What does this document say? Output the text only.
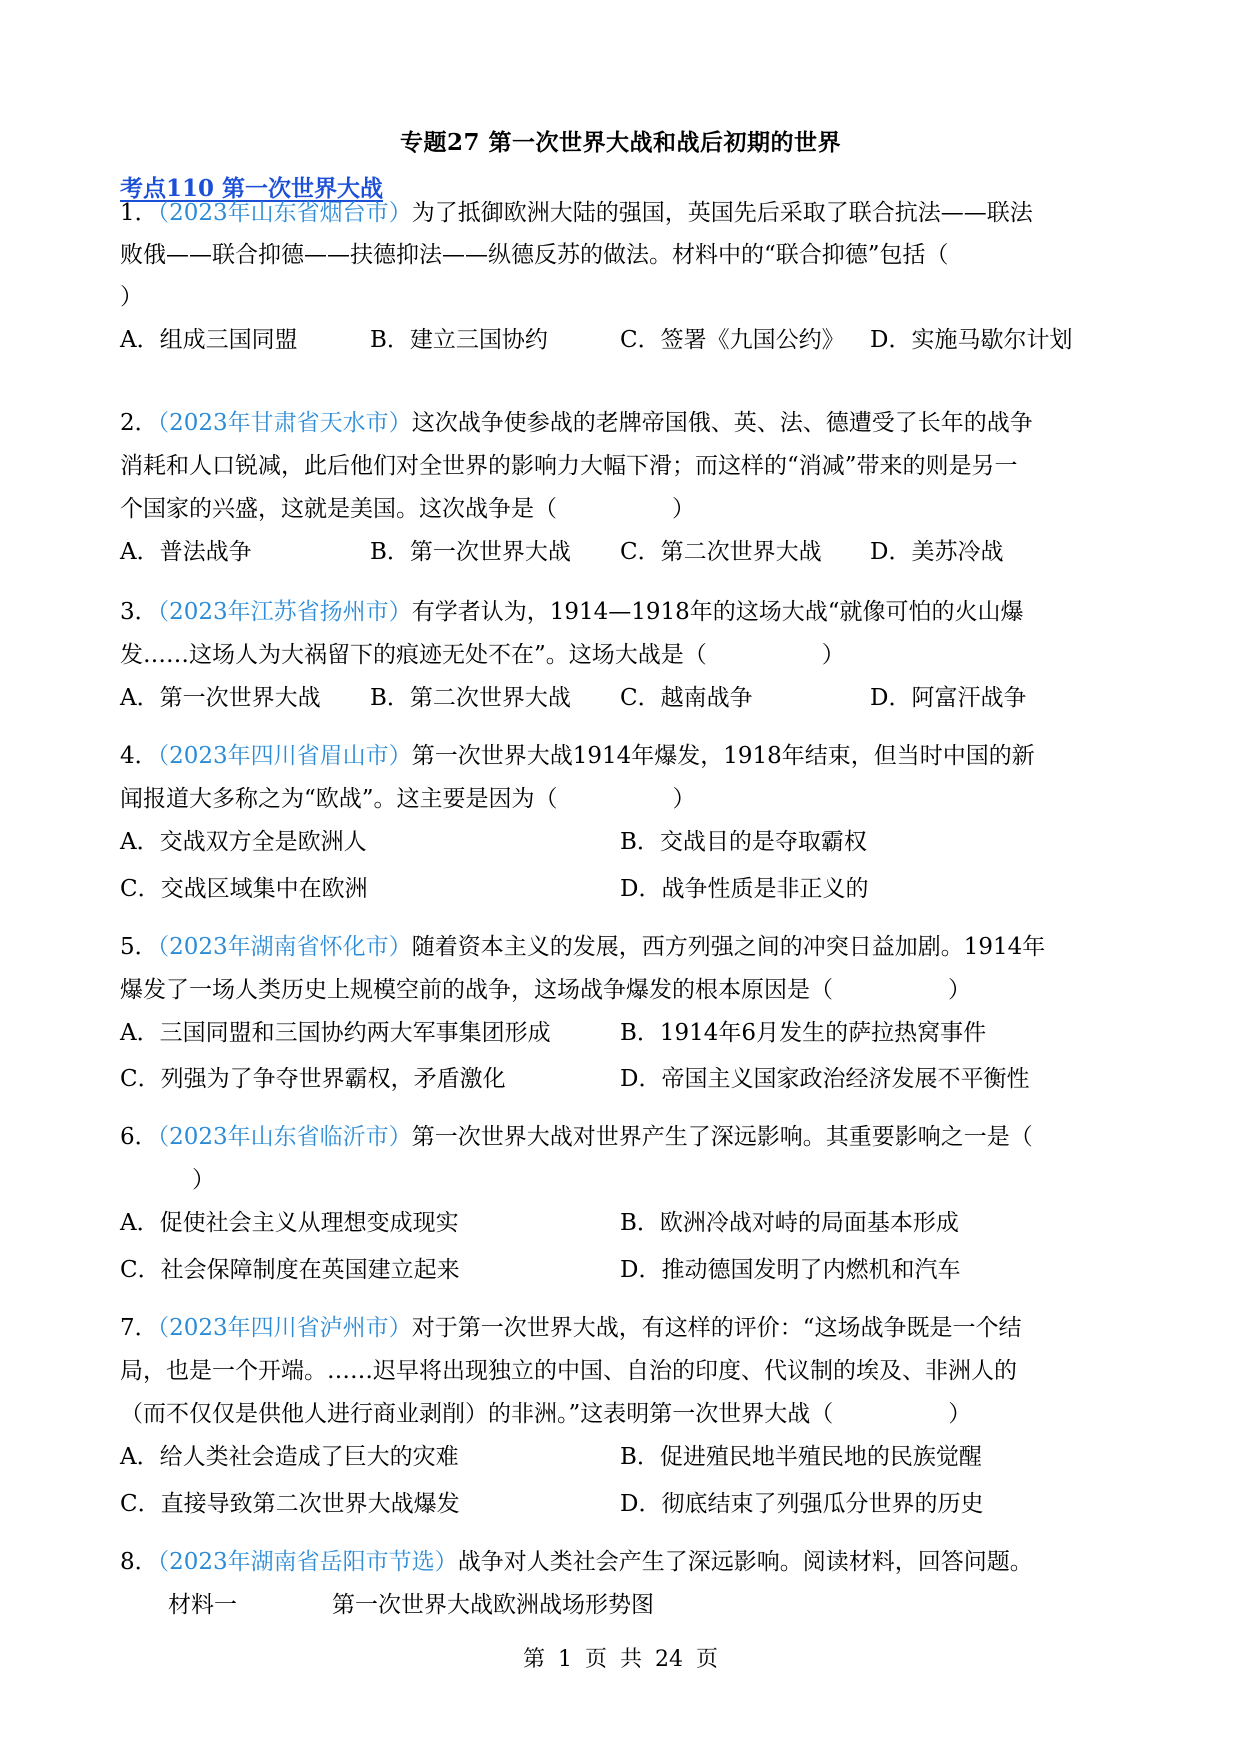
专题27 第一次世界大战和战后初期的世界
考点110 第一次世界大战
1．（2023年山东省烟台市）为了抵御欧洲大陆的强国，英国先后采取了联合抗法——联法
败俄——联合抑德——扶德抑法——纵德反苏的做法。材料中的“联合抑德”包括（
）
A．组成三国同盟	B．建立三国协约	C．签署《九国公约》 D．实施马歇尔计划
2．（2023年甘肃省天水市）这次战争使参战的老牌帝国俄、英、法、德遭受了长年的战争
消耗和人口锐减，此后他们对全世界的影响力大幅下滑；而这样的“消减”带来的则是另一
个国家的兴盛，这就是美国。这次战争是（	）
A．普法战争	B．第一次世界大战 C．第二次世界大战 D．美苏冷战
3．（2023年江苏省扬州市）有学者认为，1914—1918年的这场大战“就像可怕的火山爆
发……这场人为大祸留下的痕迹无处不在”。这场大战是（	）
A．第一次世界大战 B．第二次世界大战 C．越南战争	D．阿富汗战争
4．（2023年四川省眉山市）第一次世界大战1914年爆发，1918年结束，但当时中国的新
闻报道大多称之为“欧战”。这主要是因为（	）
A．交战双方全是欧洲人	B．交战目的是夺取霸权
C．交战区域集中在欧洲	D．战争性质是非正义的
5．（2023年湖南省怀化市）随着资本主义的发展，西方列强之间的冲突日益加剧。1914年
爆发了一场人类历史上规模空前的战争，这场战争爆发的根本原因是（	）
A．三国同盟和三国协约两大军事集团形成	B．1914年6月发生的萨拉热窝事件
C．列强为了争夺世界霸权，矛盾激化	D．帝国主义国家政治经济发展不平衡性
6．（2023年山东省临沂市）第一次世界大战对世界产生了深远影响。其重要影响之一是（
）
A．促使社会主义从理想变成现实	B．欧洲冷战对峙的局面基本形成
C．社会保障制度在英国建立起来	D．推动德国发明了内燃机和汽车
7．（2023年四川省泸州市）对于第一次世界大战，有这样的评价：“这场战争既是一个结
局，也是一个开端。……迟早将出现独立的中国、自治的印度、代议制的埃及、非洲人的
（而不仅仅是供他人进行商业剥削）的非洲。”这表明第一次世界大战（	）
A．给人类社会造成了巨大的灾难	B．促进殖民地半殖民地的民族觉醒
C．直接导致第二次世界大战爆发	D．彻底结束了列强瓜分世界的历史
8．（2023年湖南省岳阳市节选）战争对人类社会产生了深远影响。阅读材料，回答问题。
材料一	第一次世界大战欧洲战场形势图
第 1 页 共 24 页
